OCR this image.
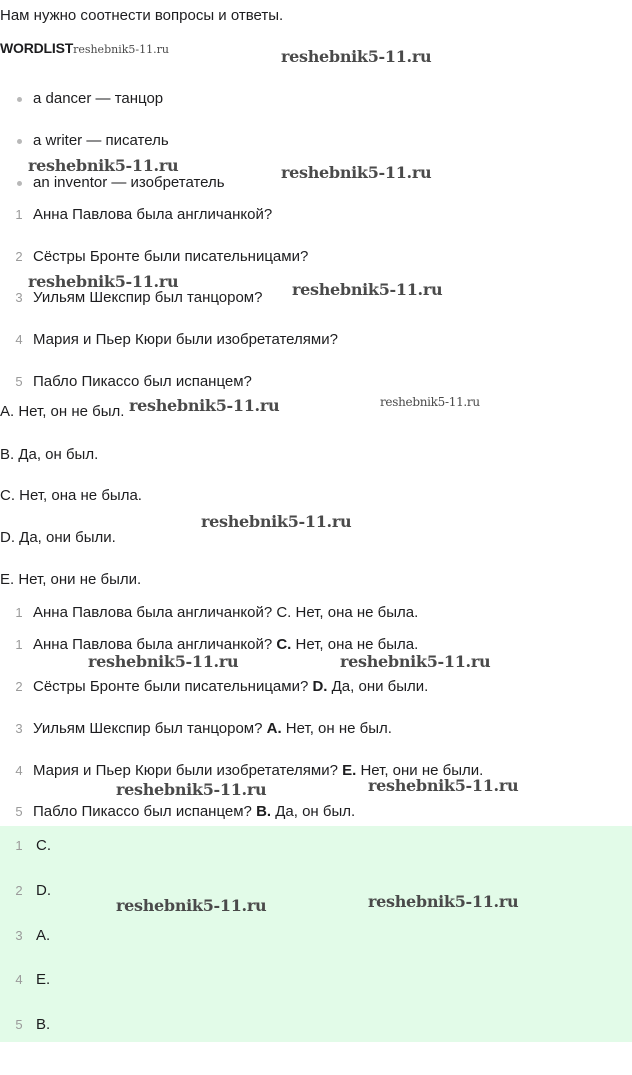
Нам нужно соотнести вопросы и ответы.
WORDLISTreshebnik5-11.ru
a dancer — танцор
a writer — писатель
an inventor — изобретатель
1 Анна Павлова была англичанкой?
2 Сёстры Бронте были писательницами?
3 Уильям Шекспир был танцором?
4 Мария и Пьер Кюри были изобретателями?
5 Пабло Пикассо был испанцем?
A. Нет, он не был.
B. Да, он был.
C. Нет, она не была.
D. Да, они были.
E. Нет, они не были.
1 Анна Павлова была англичанкой? C. Нет, она не была.
1 Анна Павлова была англичанкой? C. Нет, она не была.
2 Сёстры Бронте были писательницами? D. Да, они были.
3 Уильям Шекспир был танцором? A. Нет, он не был.
4 Мария и Пьер Кюри были изобретателями? E. Нет, они не были.
5 Пабло Пикассо был испанцем? B. Да, он был.
1 C.
2 D.
3 A.
4 E.
5 B.
reshebnik5-11.ru
reshebnik5-11.ru	reshebnik5-11.ru
reshebnik5-11.ru	reshebnik5-11.ru
reshebnik5-11.ru	reshebnik5-11.ru
reshebnik5-11.ru
reshebnik5-11.ru	reshebnik5-11.ru
reshebnik5-11.ru	reshebnik5-11.ru
reshebnik5-11.ru	reshebnik5-11.ru
